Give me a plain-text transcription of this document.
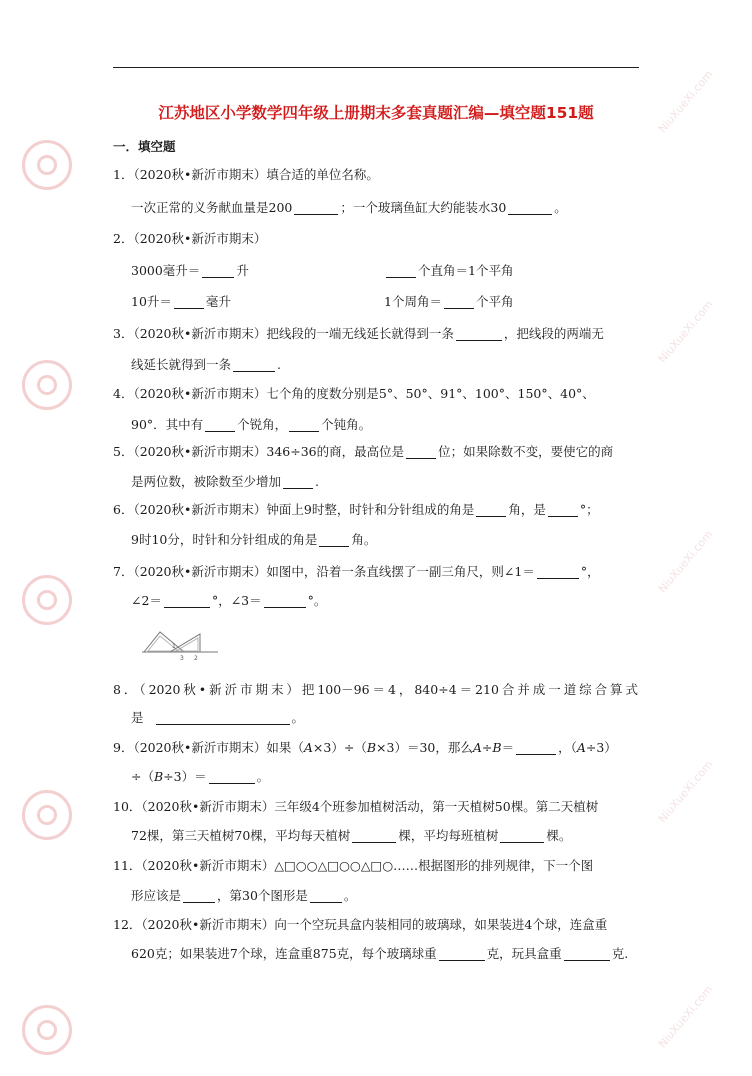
NiuXueXi.com
NiuXueXi.com
NiuXueXi.com
NiuXueXi.com
NiuXueXi.com
江苏地区小学数学四年级上册期末多套真题汇编—填空题151题
一．填空题
1．（2020秋•新沂市期末）填合适的单位名称。
一次正常的义务献血量是200	；一个玻璃鱼缸大约能装水30	。
2．（2020秋•新沂市期末）
3000毫升＝	升	个直角＝1个平角
10升＝	毫升	1个周角＝	个平角
3．（2020秋•新沂市期末）把线段的一端无线延长就得到一条	，把线段的两端无
线延长就得到一条	.
4．（2020秋•新沂市期末）七个角的度数分别是5°、50°、91°、100°、150°、40°、
90°．其中有	个锐角，	个钝角。
5．（2020秋•新沂市期末）346÷36的商，最高位是	位；如果除数不变，要使它的商
是两位数，被除数至少增加	.
6．（2020秋•新沂市期末）钟面上9时整，时针和分针组成的角是	角，是	°；
9时10分，时针和分针组成的角是	角。
7．（2020秋•新沂市期末）如图中，沿着一条直线摆了一副三角尺，则∠1＝	°，
∠2＝	°，∠3＝	°。
1
2
3
8．（2020秋•新沂市期末）把100－96＝4，840÷4＝210合并成一道综合算式
是	。
9．（2020秋•新沂市期末）如果（A×3）÷（B×3）＝30，那么A÷B＝	，（A÷3）
÷（B÷3）＝	。
10．（2020秋•新沂市期末）三年级4个班参加植树活动，第一天植树50棵。第二天植树
72棵，第三天植树70棵，平均每天植树	棵，平均每班植树	棵。
11．（2020秋•新沂市期末）△□○○△□○○△□○……根据图形的排列规律，下一个图
形应该是	，第30个图形是	。
12．（2020秋•新沂市期末）向一个空玩具盒内装相同的玻璃球，如果装进4个球，连盒重
620克；如果装进7个球，连盒重875克，每个玻璃球重	克，玩具盒重	克.
